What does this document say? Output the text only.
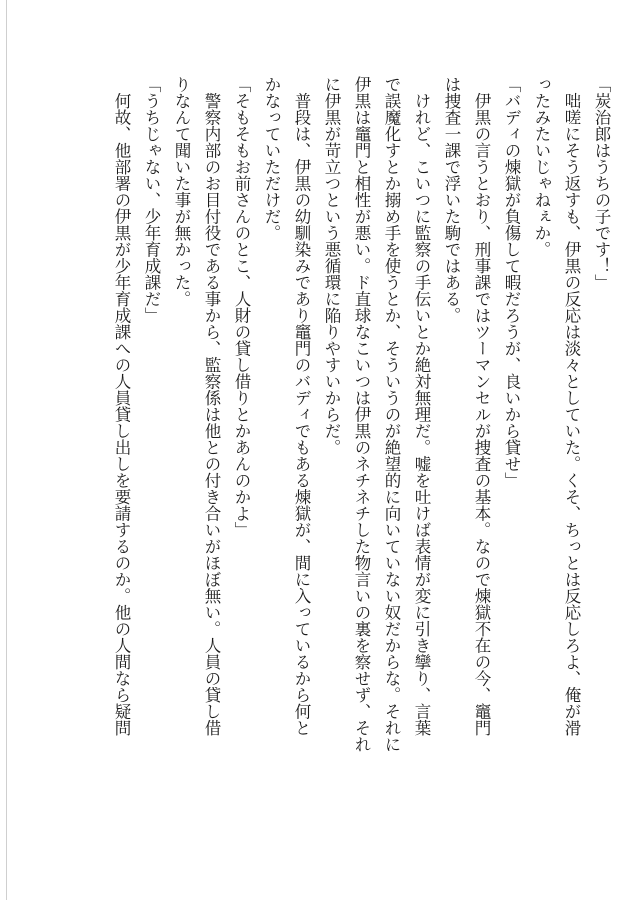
「炭治郎はうちの子です！」

　咄嗟にそう返すも、伊黒の反応は淡々としていた。くそ、ちっとは反応しろよ、俺が滑

ったみたいじゃねぇか。

「バディの煉獄が負傷して暇だろうが、良いから貸せ」

　伊黒の言うとおり、刑事課ではツーマンセルが捜査の基本。なので煉獄不在の今、竈門

は捜査一課で浮いた駒ではある。

　けれど、こいつに監察の手伝いとか絶対無理だ。嘘を吐けば表情が変に引き攣り、言葉

で誤魔化すとか搦め手を使うとか、そういうのが絶望的に向いていない奴だからな。それに

伊黒は竈門と相性が悪い。ド直球なこいつは伊黒のネチネチした物言いの裏を察せず、それ

に伊黒が苛立つという悪循環に陥りやすいからだ。

　普段は、伊黒の幼馴染みであり竈門のバディでもある煉獄が、間に入っているから何と

かなっていただけだ。

「そもそもお前さんのとこ、人財の貸し借りとかあんのかよ」

　警察内部のお目付役である事から、監察係は他との付き合いがほぼ無い。人員の貸し借

りなんて聞いた事が無かった。

「うちじゃない、少年育成課だ」

　何故、他部署の伊黒が少年育成課への人員貸し出しを要請するのか。他の人間なら疑問
